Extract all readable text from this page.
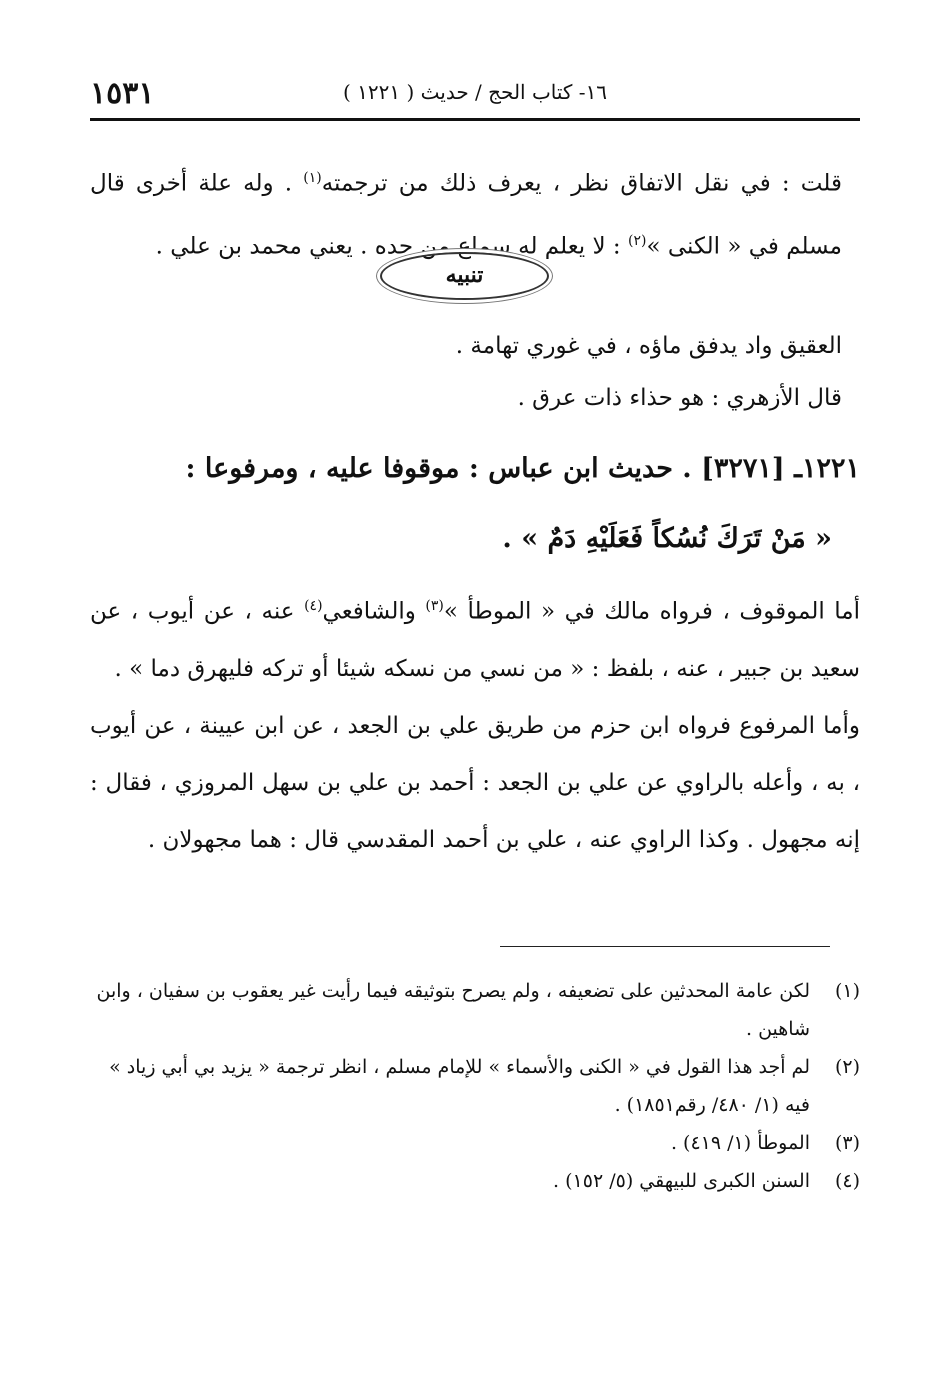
١٥٣١	١٦- كتاب الحج / حديث ( ١٢٢١ )
قلت : في نقل الاتفاق نظر ، يعرف ذلك من ترجمته$^{(١)}$ . وله علة أخرى قال مسلم في « الكنى »$^{(٢)}$ : لا يعلم له سماع من جده . يعني محمد بن علي .
تنبيه
العقيق واد يدفق ماؤه ، في غوري تهامة .
قال الأزهري : هو حذاء ذات عرق .
١٢٢١ـ [٣٢٧١] . حديث ابن عباس : موقوفا عليه ، ومرفوعا :
« مَنْ تَرَكَ نُسُكاً فَعَلَيْهِ دَمٌ » .
أما الموقوف ، فرواه مالك في « الموطأ »$^{(٣)}$ والشافعي$^{(٤)}$ عنه ، عن أيوب ، عن سعيد بن جبير ، عنه ، بلفظ : « من نسي من نسكه شيئا أو تركه فليهرق دما » .
وأما المرفوع فرواه ابن حزم من طريق علي بن الجعد ، عن ابن عيينة ، عن أيوب ، به ، وأعله بالراوي عن علي بن الجعد : أحمد بن علي بن سهل المروزي ، فقال : إنه مجهول . وكذا الراوي عنه ، علي بن أحمد المقدسي قال : هما مجهولان .
(١)
لكن عامة المحدثين على تضعيفه ، ولم يصرح بتوثيقه فيما رأيت غير يعقوب بن سفيان ، وابن شاهين .
(٢)
لم أجد هذا القول في « الكنى والأسماء » للإمام مسلم ، انظر ترجمة « يزيد بي أبي زياد » فيه (١/ ٤٨٠/ رقم١٨٥١) .
(٣)
الموطأ (١/ ٤١٩) .
(٤)
السنن الكبرى للبيهقي (٥/ ١٥٢) .
